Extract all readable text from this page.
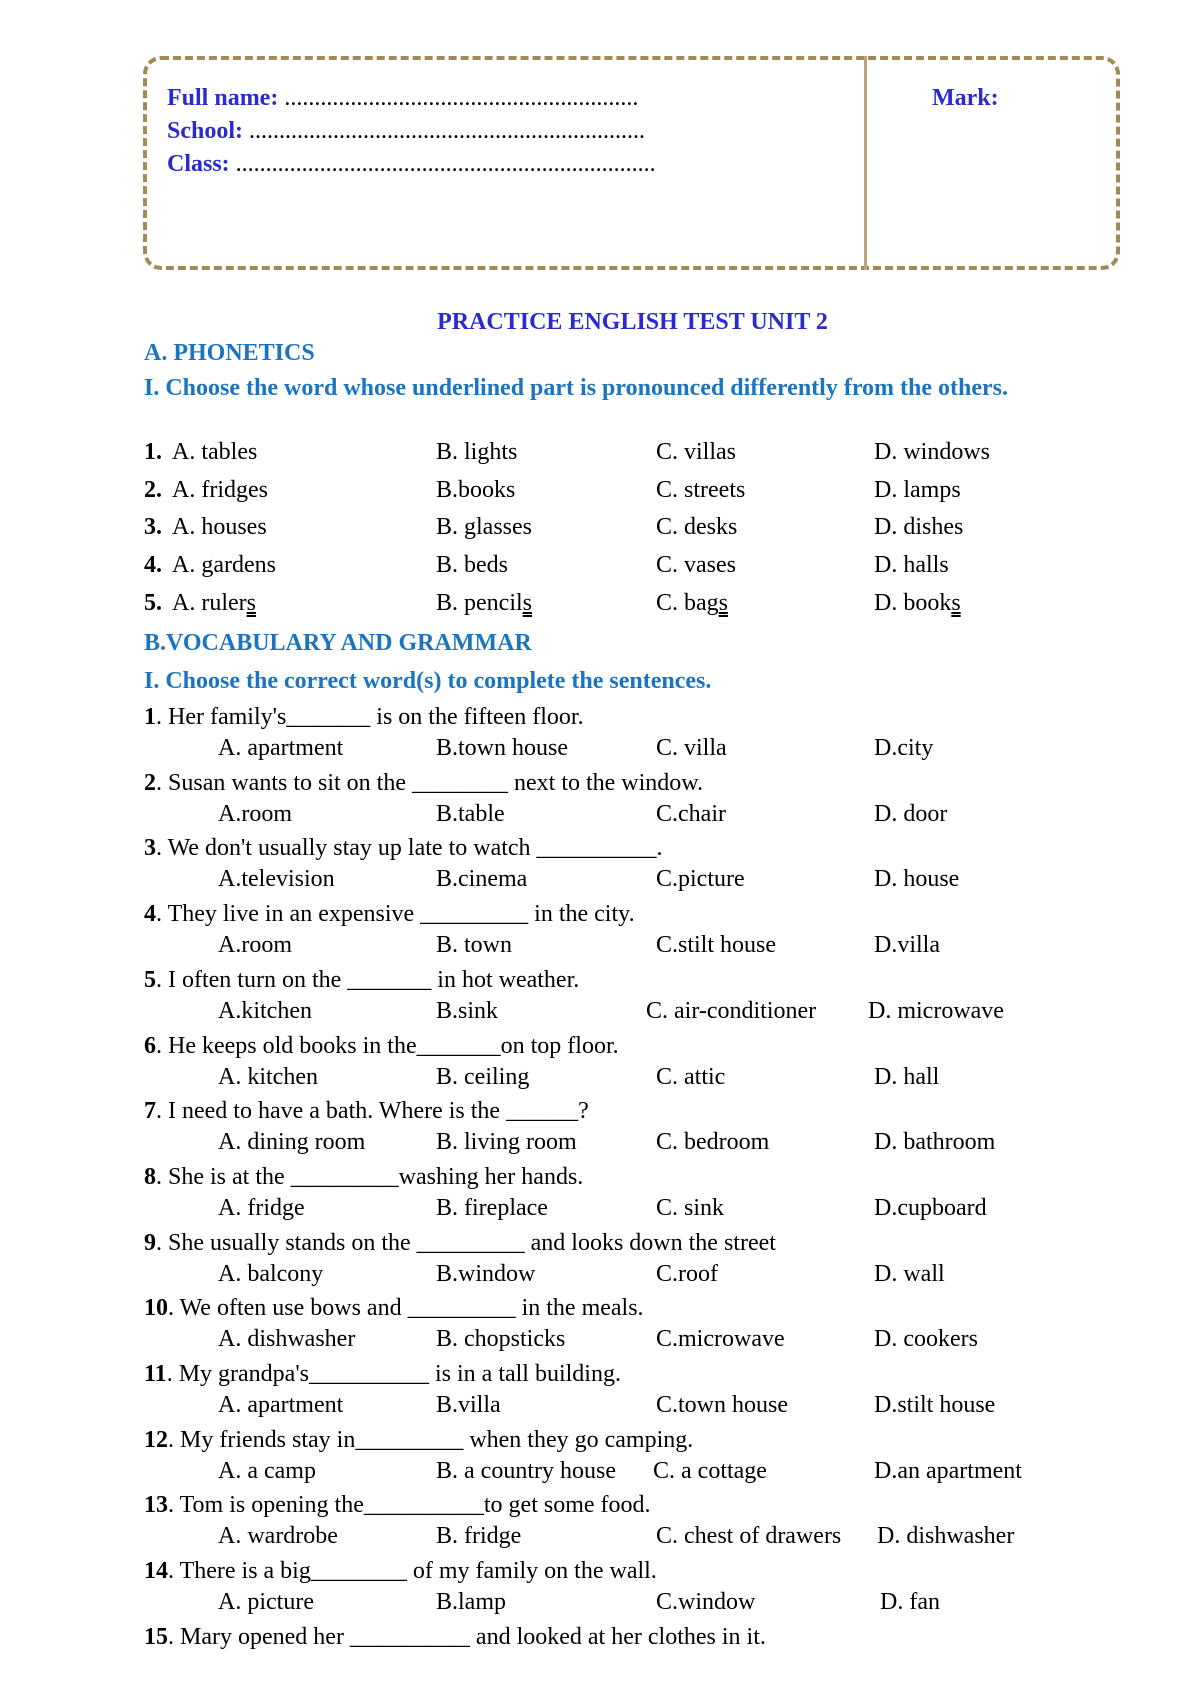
Full name: ...........................................................
School: ..................................................................
Class: ......................................................................
Mark:
PRACTICE ENGLISH TEST UNIT 2
A. PHONETICS
I. Choose the word whose underlined part is pronounced differently from the others.
1. A. tables	B. lights	C. villas	D. windows
2. A. fridges	B.books	C. streets	D. lamps
3. A. houses	B. glasses	C. desks	D. dishes
4. A. gardens	B. beds	C. vases	D. halls
5. A. rulers	B. pencils	C. bags	D. books
B.VOCABULARY AND GRAMMAR
I. Choose the correct word(s) to complete the sentences.
1. Her family's_______ is on the fifteen floor.
A. apartment	B.town house	C. villa	D.city
2. Susan wants to sit on the ________ next to the window.
A.room	B.table	C.chair	D. door
3. We don't usually stay up late to watch __________.
A.television	B.cinema	C.picture	D. house
4. They live in an expensive _________ in the city.
A.room	B. town	C.stilt house	D.villa
5. I often turn on the _______ in hot weather.
A.kitchen	B.sink	C. air-conditioner D. microwave
6. He keeps old books in the_______on top floor.
A. kitchen	B. ceiling	C. attic	D. hall
7. I need to have a bath. Where is the ______?
A. dining room	B. living room	C. bedroom	D. bathroom
8. She is at the _________washing her hands.
A. fridge	B. fireplace	C. sink	D.cupboard
9. She usually stands on the _________ and looks down the street
A. balcony	B.window	C.roof	D. wall
10. We often use bows and _________ in the meals.
A. dishwasher	B. chopsticks	C.microwave	D. cookers
11. My grandpa's__________ is in a tall building.
A. apartment	B.villa	C.town house	D.stilt house
12. My friends stay in_________ when they go camping.
A. a camp	B. a country house C. a cottage	D.an apartment
13. Tom is opening the__________to get some food.
A. wardrobe	B. fridge	C. chest of drawers D. dishwasher
14. There is a big________ of my family on the wall.
A. picture	B.lamp	C.window	D. fan
15. Mary opened her __________ and looked at her clothes in it.
